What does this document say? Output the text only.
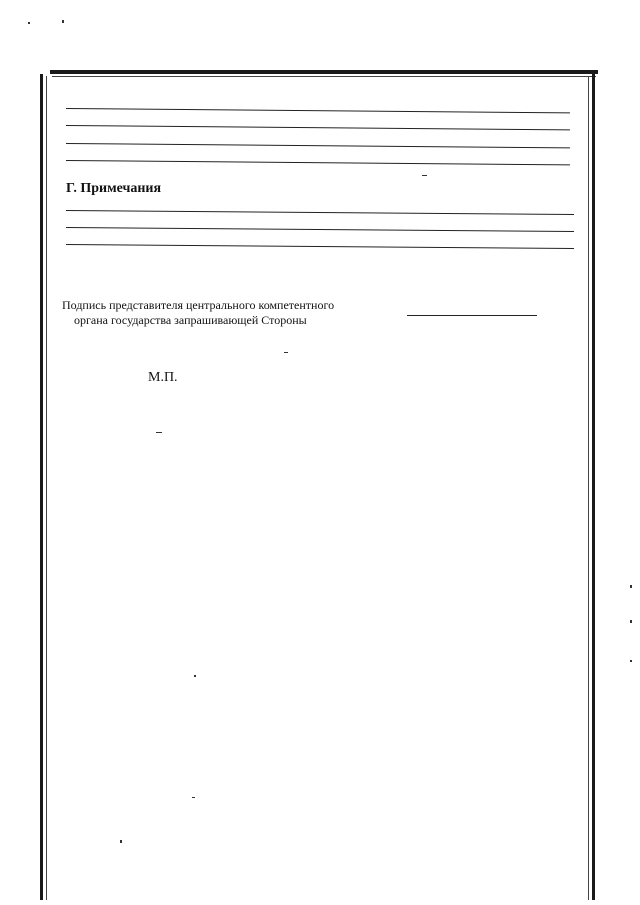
Г. Примечания
Подпись представителя центрального компетентного
органа государства запрашивающей Стороны
М.П.
